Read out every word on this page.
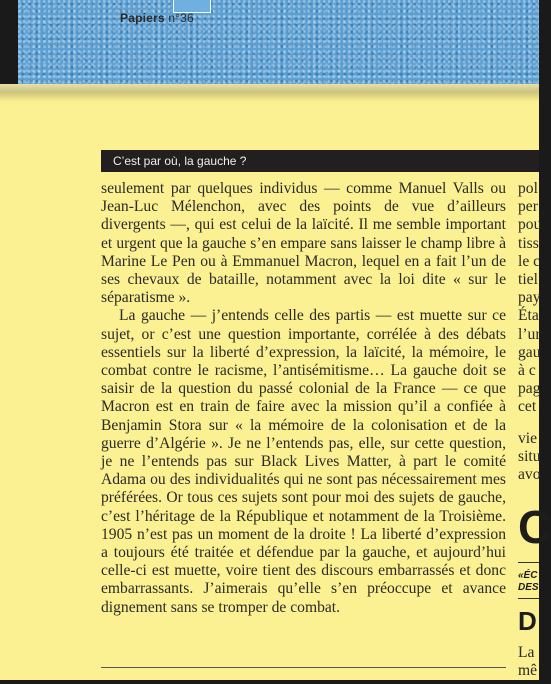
Papiers n°36
C’est par où, la gauche ?

seulement par quelques individus — comme Manuel Valls ou Jean-Luc Mélenchon, avec des points de vue d’ailleurs divergents —, qui est celui de la laïcité. Il me semble important et urgent que la gauche s’en empare sans laisser le champ libre à Marine Le Pen ou à Emmanuel Macron, lequel en a fait l’un de ses chevaux de bataille, notamment avec la loi dite « sur le séparatisme ».

La gauche — j’entends celle des partis — est muette sur ce sujet, or c’est une question importante, corrélée à des débats essentiels sur la liberté d’expression, la laïcité, la mémoire, le combat contre le racisme, l’antisémitisme… La gauche doit se saisir de la question du passé colonial de la France — ce que Macron est en train de faire avec la mission qu’il a confiée à Benjamin Stora sur « la mémoire de la colonisation et de la guerre d’Algérie ». Je ne l’entends pas, elle, sur cette question, je ne l’entends pas sur Black Lives Matter, à part le comité Adama ou des individualités qui ne sont pas nécessairement mes préférées. Or tous ces sujets sont pour moi des sujets de gauche, c’est l’héritage de la République et notamment de la Troisième. 1905 n’est pas un moment de la droite ! La liberté d’expression a toujours été traitée et défendue par la gauche, et aujourd’hui celle-ci est muette, voire tient des discours embarrassés et donc embarrassants. J’aimerais qu’elle s’en préoccupe et avance dignement sans se tromper de combat.

pol
per
pou
tiss
le c
tiel
pay
Éta
l’ur
gau
à c
pag
cet
vie
situ
avo
C
«ÉC
DES
D
La
mê
